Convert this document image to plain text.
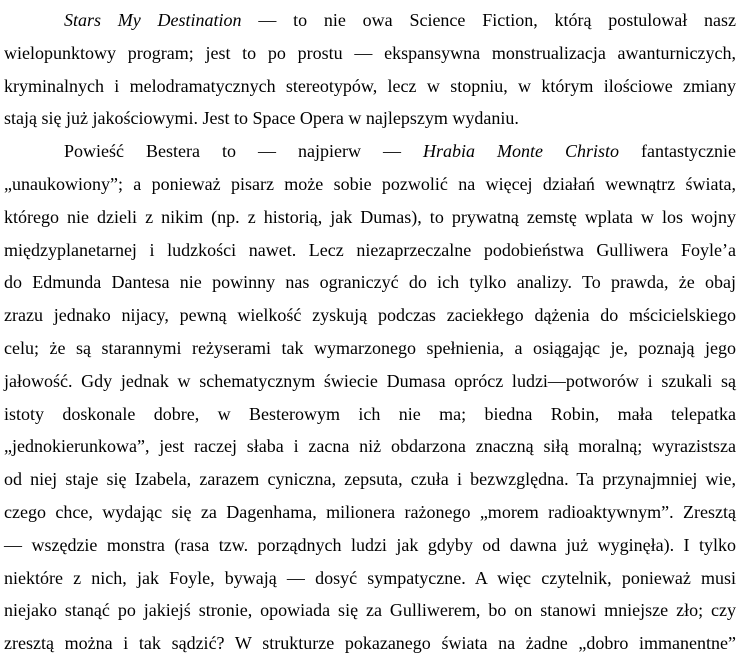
Stars My Destination — to nie owa Science Fiction, którą postulował nasz
wielopunktowy program; jest to po prostu — ekspansywna monstrualizacja awanturniczych,
kryminalnych i melodramatycznych stereotypów, lecz w stopniu, w którym ilościowe zmiany
stają się już jakościowymi. Jest to Space Opera w najlepszym wydaniu.
Powieść Bestera to — najpierw — Hrabia Monte Christo fantastycznie
„unaukowiony”; a ponieważ pisarz może sobie pozwolić na więcej działań wewnątrz świata,
którego nie dzieli z nikim (np. z historią, jak Dumas), to prywatną zemstę wplata w los wojny
międzyplanetarnej i ludzkości nawet. Lecz niezaprzeczalne podobieństwa Gulliwera Foyle’a
do Edmunda Dantesa nie powinny nas ograniczyć do ich tylko analizy. To prawda, że obaj
zrazu jednako nijacy, pewną wielkość zyskują podczas zaciekłego dążenia do mścicielskiego
celu; że są starannymi reżyserami tak wymarzonego spełnienia, a osiągając je, poznają jego
jałowość. Gdy jednak w schematycznym świecie Dumasa oprócz ludzi—potworów i szukali są
istoty doskonale dobre, w Besterowym ich nie ma; biedna Robin, mała telepatka
„jednokierunkowa”, jest raczej słaba i zacna niż obdarzona znaczną siłą moralną; wyrazistsza
od niej staje się Izabela, zarazem cyniczna, zepsuta, czuła i bezwzględna. Ta przynajmniej wie,
czego chce, wydając się za Dagenhama, milionera rażonego „morem radioaktywnym”. Zresztą
— wszędzie monstra (rasa tzw. porządnych ludzi jak gdyby od dawna już wyginęła). I tylko
niektóre z nich, jak Foyle, bywają — dosyć sympatyczne. A więc czytelnik, ponieważ musi
niejako stanąć po jakiejś stronie, opowiada się za Gulliwerem, bo on stanowi mniejsze zło; czy
zresztą można i tak sądzić? W strukturze pokazanego świata na żadne „dobro immanentne”
